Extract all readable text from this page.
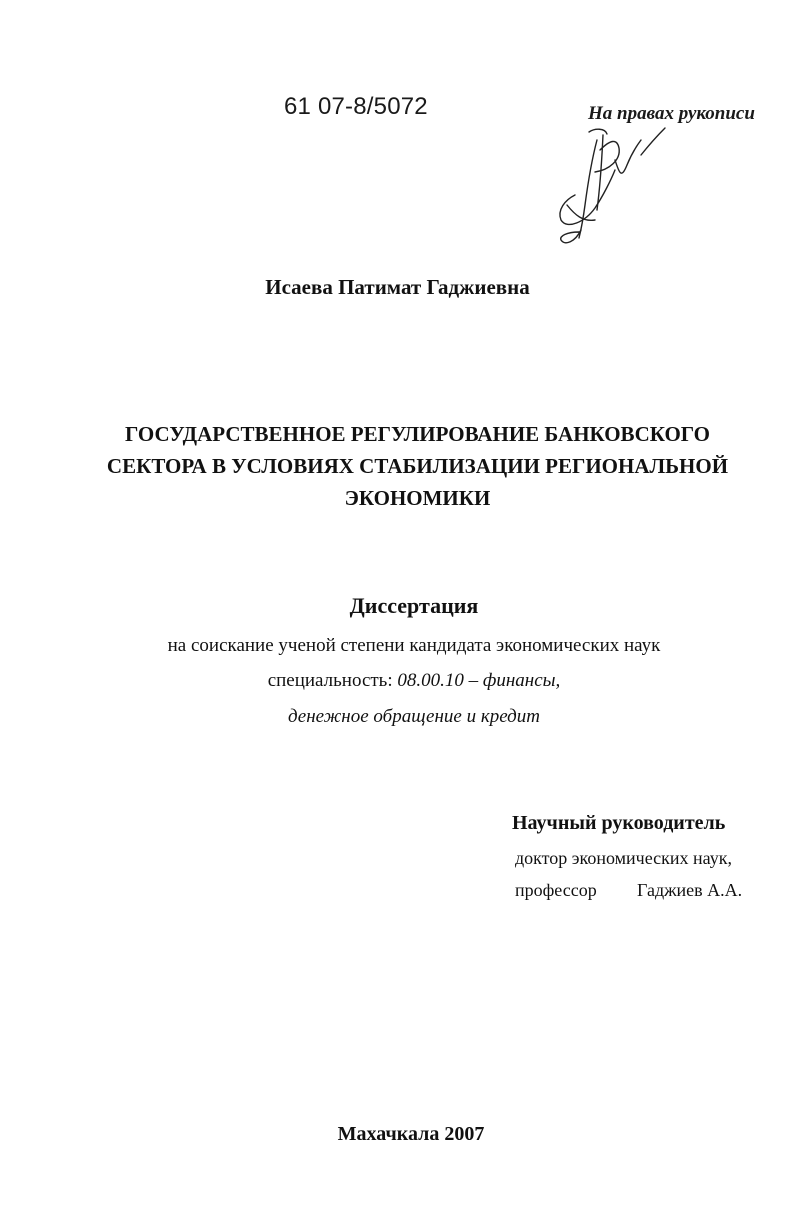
61 07-8/5072	На правах рукописи
Исаева Патимат Гаджиевна
ГОСУДАРСТВЕННОЕ РЕГУЛИРОВАНИЕ БАНКОВСКОГО
СЕКТОРА В УСЛОВИЯХ СТАБИЛИЗАЦИИ РЕГИОНАЛЬНОЙ
ЭКОНОМИКИ
Диссертация
на соискание ученой степени кандидата экономических наук
специальность: 08.00.10 – финансы,
денежное обращение и кредит
Научный руководитель
доктор экономических наук,
профессор Гаджиев А.А.
Махачкала 2007
